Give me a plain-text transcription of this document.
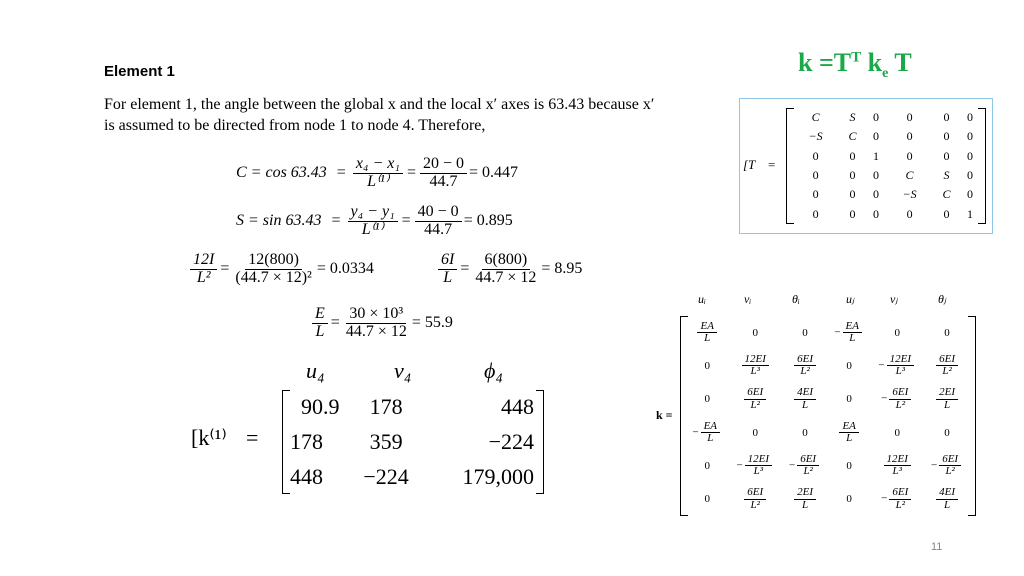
Element 1	$k =T^T$ $k_e$ T
For element 1, the angle between the global x and the local x′ axes is 63.43 because x′
is assumed to be directed from node 1 to node 4. Therefore,
$C = \cos 63.43 = \frac{\text{x₄ − x₁}}{\text{L⁽¹⁾}} = \frac{20 - 0}{44.7} = 0.447$
$S = \sin 63.43 = \frac{\text{y₄ − y₁}}{\text{L⁽¹⁾}} = \frac{40 - 0}{44.7} = 0.895$
$\frac{12I}{\text{L²}} = \frac{12(800)}{\text{(44.7 × 12)²}} = 0.0334$	$\frac{6I}{L} = \frac{6(800)}{44.7 \times 12} = 8.95$
$\frac{E}{L} = \frac{\text{30 × 10³}}{44.7 \times 12} = 55.9$
[k⁽¹⁾ =
u₄	v₄	ϕ₄
90.9	178	448
178	359	−224
448	−224	179,000
[T =
C	S	0	0	0	0
−S	C	0	0	0	0
0	0	1	0	0	0
0	0	0	C	S	0
0	0	0	−S	C	0
0	0	0	0	0	1
uᵢ	vᵢ	θᵢ	uⱼ	vⱼ	θⱼ
k =
$\frac{EA}{L}$	0	0	− $\frac{EA}{L}$	0	0
0	$\frac{12EI}{\text{L³}}$	$\frac{6EI}{\text{L²}}$	0	− $\frac{12EI}{\text{L³}}$	$\frac{6EI}{\text{L²}}$

0	$\frac{6EI}{\text{L²}}$	$\frac{4EI}{L}$	0	− $\frac{6EI}{\text{L²}}$	$\frac{2EI}{L}$

− $\frac{EA}{L}$	0	0	$\frac{EA}{L}$	0	0
0	− $\frac{12EI}{\text{L³}}$	− $\frac{6EI}{\text{L²}}$	0	$\frac{12EI}{\text{L³}}$	− $\frac{6EI}{\text{L²}}$

0	$\frac{6EI}{\text{L²}}$	$\frac{2EI}{L}$	0	− $\frac{6EI}{\text{L²}}$	$\frac{4EI}{L}$
11
